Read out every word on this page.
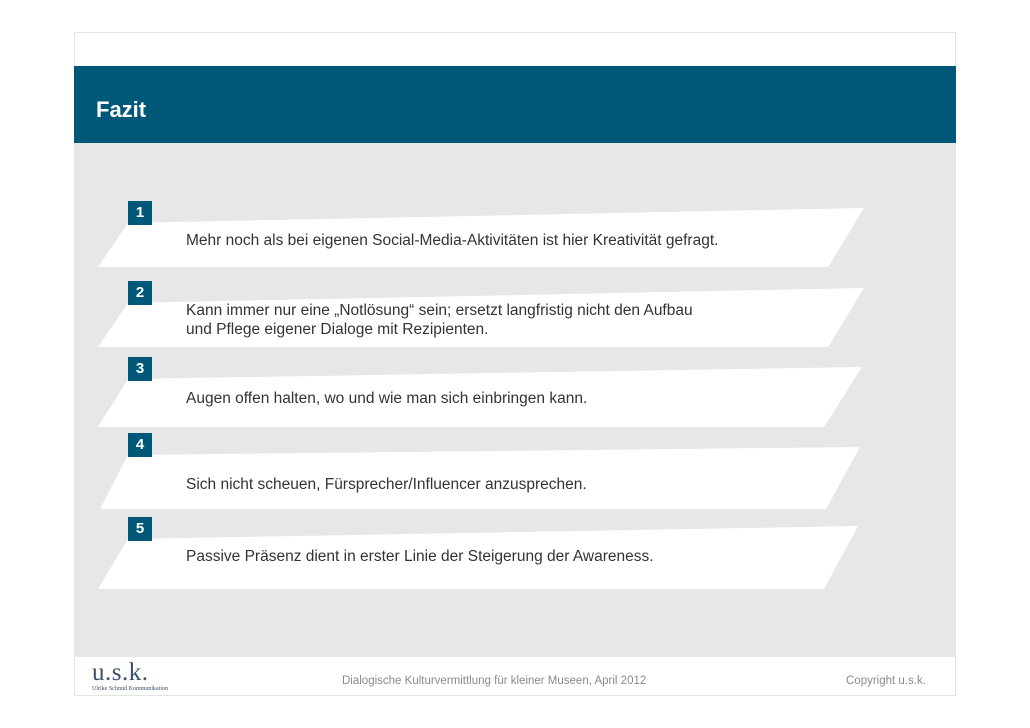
Fazit
1
Mehr noch als bei eigenen Social-Media-Aktivitäten ist hier Kreativität gefragt.
2
Kann immer nur eine „Notlösung“ sein; ersetzt langfristig nicht den Aufbau
und Pflege eigener Dialoge mit Rezipienten.
3
Augen offen halten, wo und wie man sich einbringen kann.
4
Sich nicht scheuen, Fürsprecher/Influencer anzusprechen.
5
Passive Präsenz dient in erster Linie der Steigerung der Awareness.
u.s.k.
Ulrike Schmid Kommunikation
Dialogische Kulturvermittlung für kleiner Museen, April 2012	Copyright u.s.k.
